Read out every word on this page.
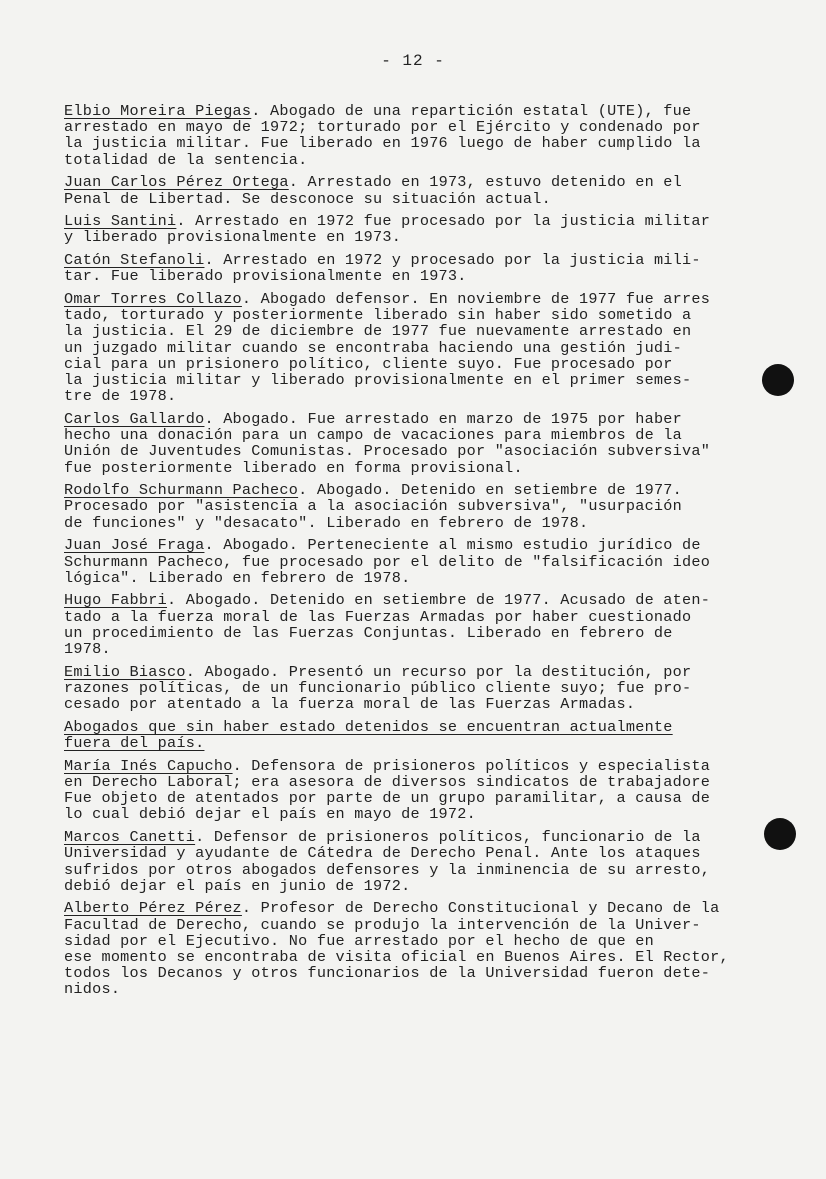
- 12 -
Elbio Moreira Piegas. Abogado de una repartición estatal (UTE), fue
arrestado en mayo de 1972; torturado por el Ejército y condenado por
la justicia militar. Fue liberado en 1976 luego de haber cumplido la
totalidad de la sentencia.
Juan Carlos Pérez Ortega. Arrestado en 1973, estuvo detenido en el
Penal de Libertad. Se desconoce su situación actual.
Luis Santini. Arrestado en 1972 fue procesado por la justicia militar
y liberado provisionalmente en 1973.
Catón Stefanoli. Arrestado en 1972 y procesado por la justicia mili-
tar. Fue liberado provisionalmente en 1973.
Omar Torres Collazo. Abogado defensor. En noviembre de 1977 fue arres
tado, torturado y posteriormente liberado sin haber sido sometido a
la justicia. El 29 de diciembre de 1977 fue nuevamente arrestado en
un juzgado militar cuando se encontraba haciendo una gestión judi-
cial para un prisionero político, cliente suyo. Fue procesado por
la justicia militar y liberado provisionalmente en el primer semes-
tre de 1978.
Carlos Gallardo. Abogado. Fue arrestado en marzo de 1975 por haber
hecho una donación para un campo de vacaciones para miembros de la
Unión de Juventudes Comunistas. Procesado por "asociación subversiva"
fue posteriormente liberado en forma provisional.
Rodolfo Schurmann Pacheco. Abogado. Detenido en setiembre de 1977.
Procesado por "asistencia a la asociación subversiva", "usurpación
de funciones" y "desacato". Liberado en febrero de 1978.
Juan José Fraga. Abogado. Perteneciente al mismo estudio jurídico de
Schurmann Pacheco, fue procesado por el delito de "falsificación ideo
lógica". Liberado en febrero de 1978.
Hugo Fabbri. Abogado. Detenido en setiembre de 1977. Acusado de aten-
tado a la fuerza moral de las Fuerzas Armadas por haber cuestionado
un procedimiento de las Fuerzas Conjuntas. Liberado en febrero de
1978.
Emilio Biasco. Abogado. Presentó un recurso por la destitución, por
razones políticas, de un funcionario público cliente suyo; fue pro-
cesado por atentado a la fuerza moral de las Fuerzas Armadas.
Abogados que sin haber estado detenidos se encuentran actualmente
fuera del país.
María Inés Capucho. Defensora de prisioneros políticos y especialista
en Derecho Laboral; era asesora de diversos sindicatos de trabajadore
Fue objeto de atentados por parte de un grupo paramilitar, a causa de
lo cual debió dejar el país en mayo de 1972.
Marcos Canetti. Defensor de prisioneros políticos, funcionario de la
Universidad y ayudante de Cátedra de Derecho Penal. Ante los ataques
sufridos por otros abogados defensores y la inminencia de su arresto,
debió dejar el país en junio de 1972.
Alberto Pérez Pérez. Profesor de Derecho Constitucional y Decano de la
Facultad de Derecho, cuando se produjo la intervención de la Univer-
sidad por el Ejecutivo. No fue arrestado por el hecho de que en
ese momento se encontraba de visita oficial en Buenos Aires. El Rector,
todos los Decanos y otros funcionarios de la Universidad fueron dete-
nidos.
